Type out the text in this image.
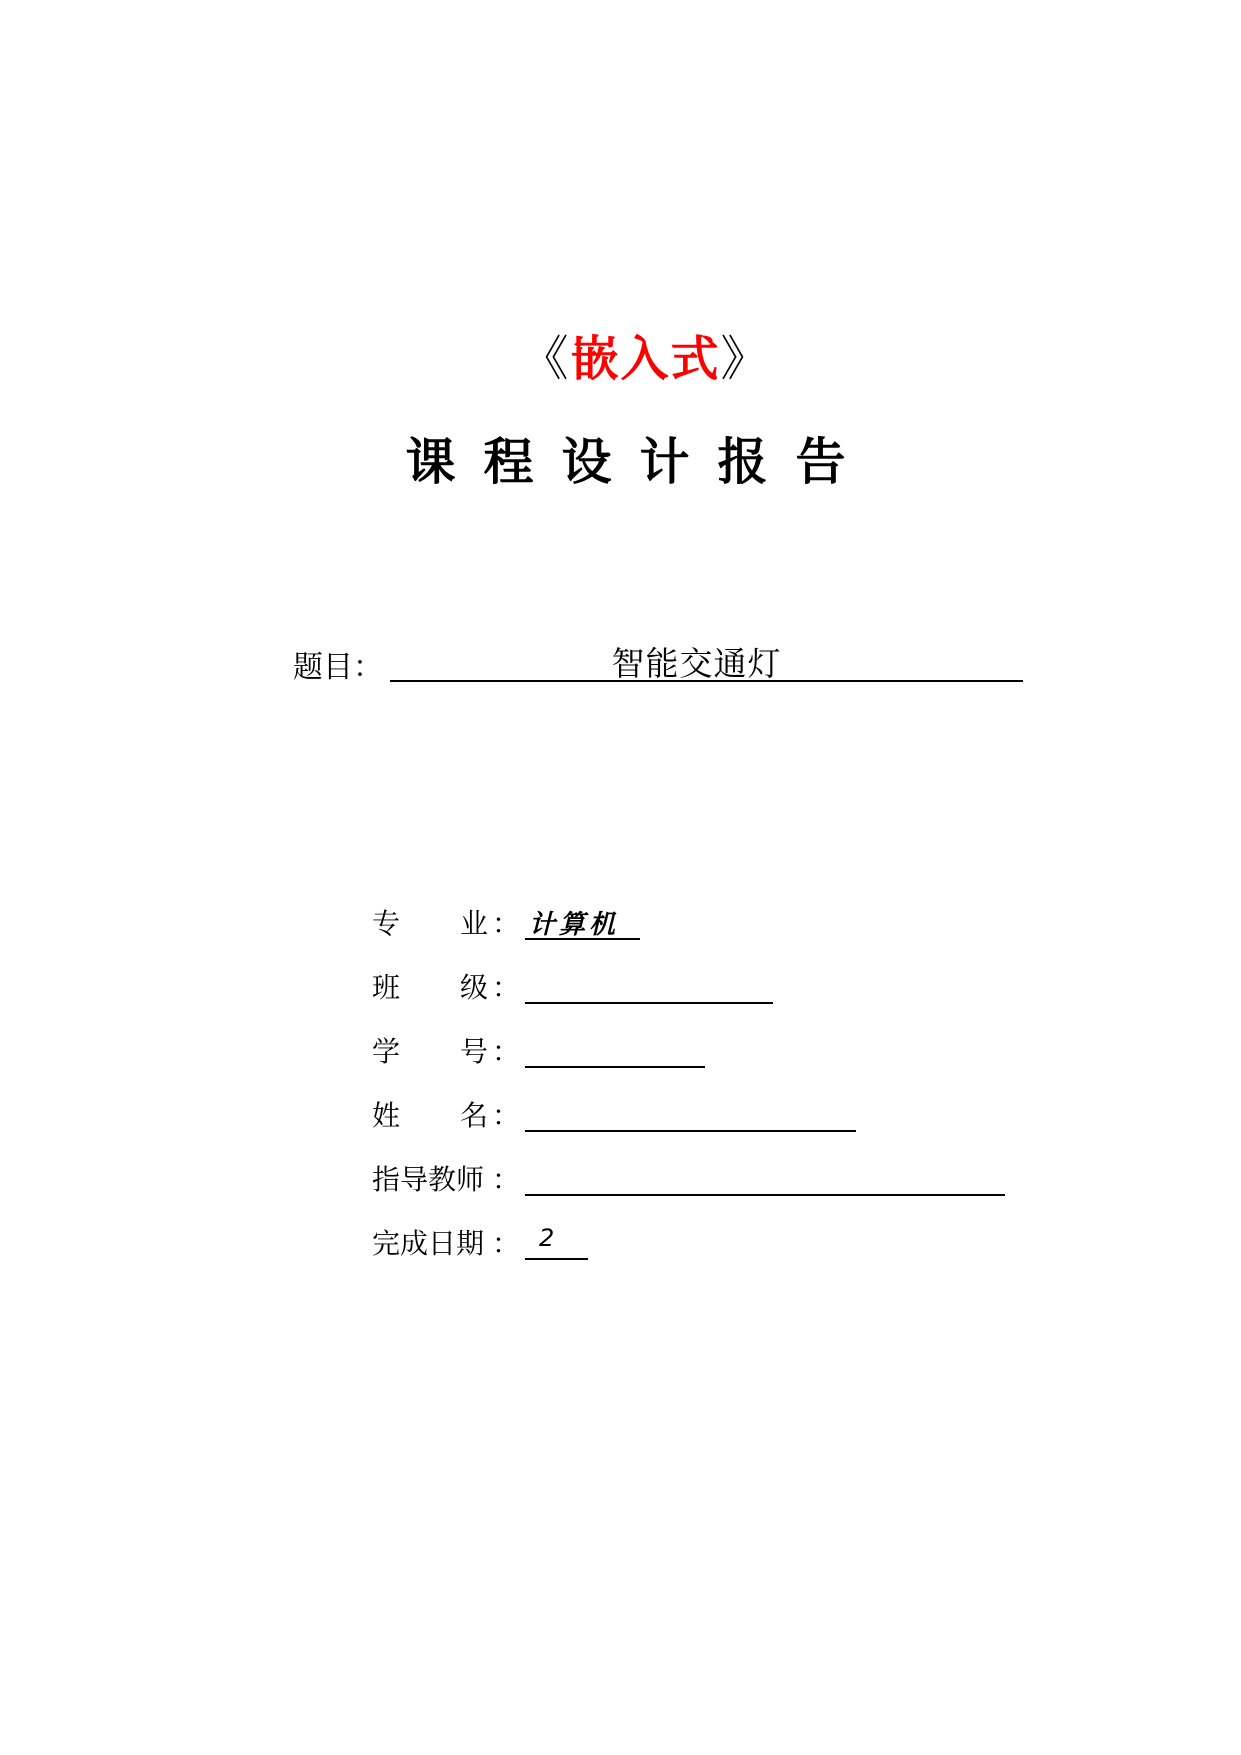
《嵌入式》
课程设计报告
题目：	智能交通灯
专 业 ： 计算机
班 级 ：
学 号 ：
姓 名 ：
指导教师 ：
完成日期 ： 2
